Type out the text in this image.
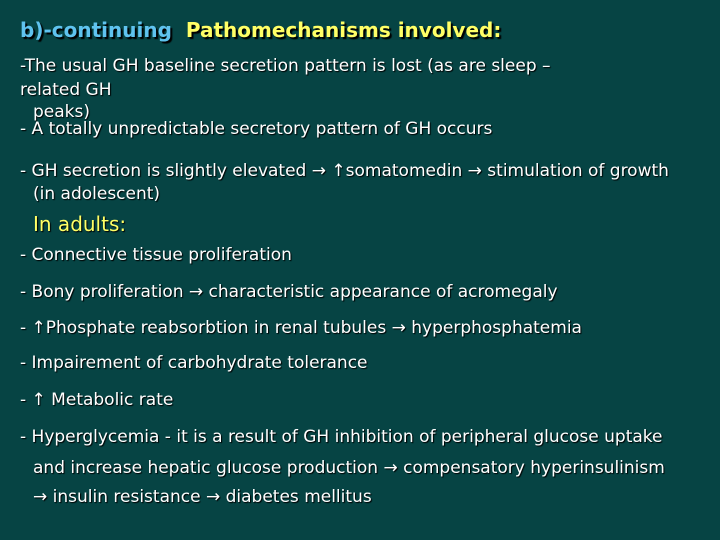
b)-continuing Pathomechanisms involved:
-The usual GH baseline secretion pattern is lost (as are sleep –
related GH
peaks)
- A totally unpredictable secretory pattern of GH occurs
- GH secretion is slightly elevated → ↑somatomedin → stimulation of growth
(in adolescent)
In adults:
- Connective tissue proliferation
- Bony proliferation → characteristic appearance of acromegaly
- ↑Phosphate reabsorbtion in renal tubules → hyperphosphatemia
- Impairement of carbohydrate tolerance
- ↑ Metabolic rate
- Hyperglycemia - it is a result of GH inhibition of peripheral glucose uptake
and increase hepatic glucose production → compensatory hyperinsulinism
→ insulin resistance → diabetes mellitus
